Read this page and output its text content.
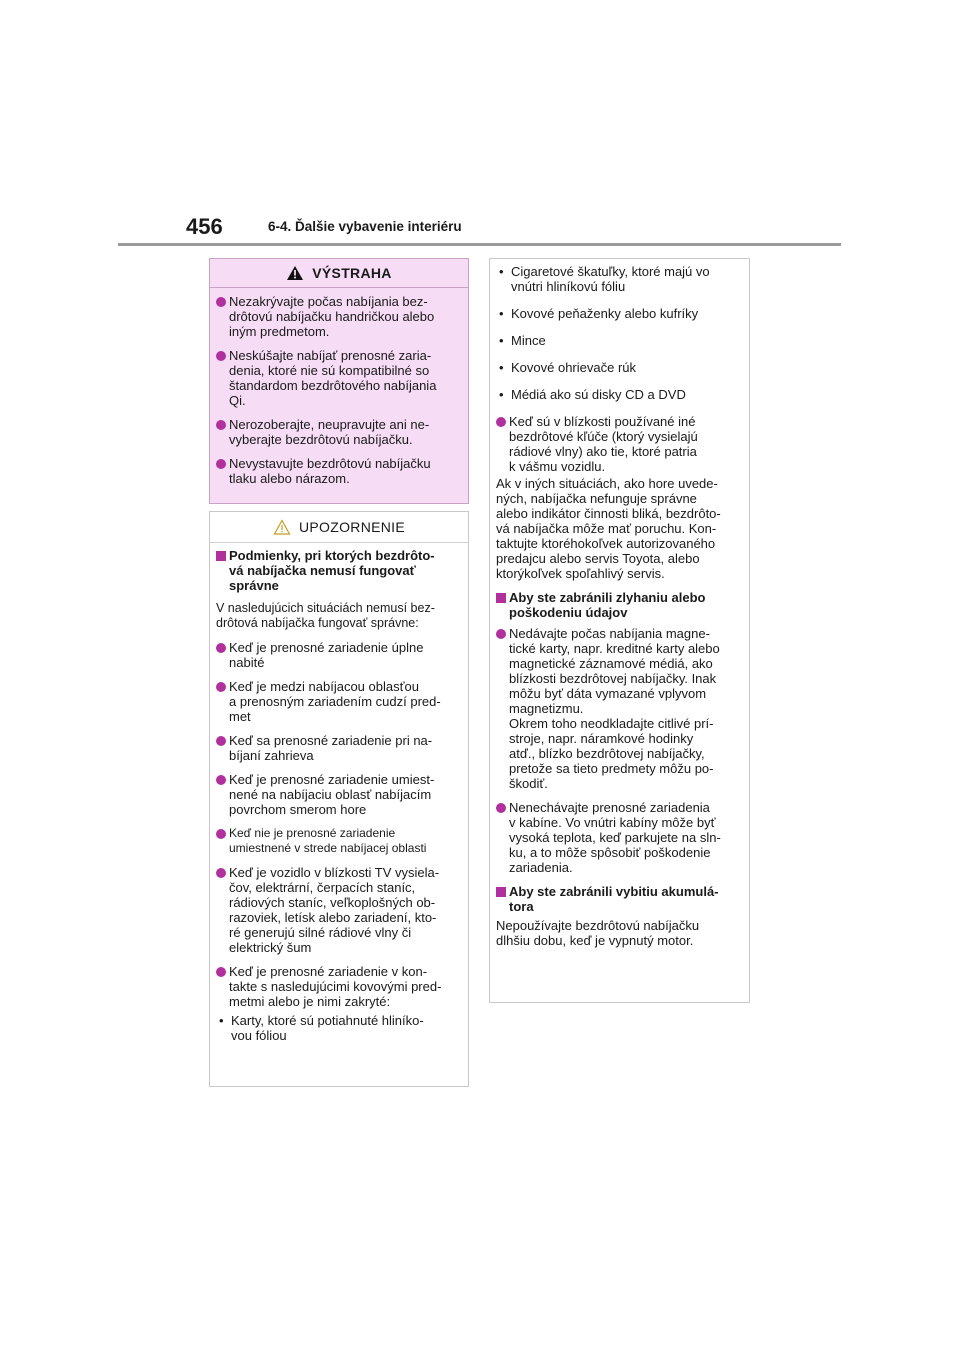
456	6-4. Ďalšie vybavenie interiéru
VÝSTRAHA
Nezakrývajte počas nabíjania bez-
drôtovú nabíjačku handričkou alebo
iným predmetom.
Neskúšajte nabíjať prenosné zaria-
denia, ktoré nie sú kompatibilné so
štandardom bezdrôtového nabíjania
Qi.
Nerozoberajte, neupravujte ani ne-
vyberajte bezdrôtovú nabíjačku.
Nevystavujte bezdrôtovú nabíjačku
tlaku alebo nárazom.
UPOZORNENIE
Podmienky, pri ktorých bezdrôto-
vá nabíjačka nemusí fungovať
správne
V nasledujúcich situáciách nemusí bez-
drôtová nabíjačka fungovať správne:
Keď je prenosné zariadenie úplne
nabité
Keď je medzi nabíjacou oblasťou
a prenosným zariadením cudzí pred-
met
Keď sa prenosné zariadenie pri na-
bíjaní zahrieva
Keď je prenosné zariadenie umiest-
nené na nabíjaciu oblasť nabíjacím
povrchom smerom hore
Keď nie je prenosné zariadenie
umiestnené v strede nabíjacej oblasti
Keď je vozidlo v blízkosti TV vysiela-
čov, elektrární, čerpacích staníc,
rádiových staníc, veľkoplošných ob-
razoviek, letísk alebo zariadení, kto-
ré generujú silné rádiové vlny či
elektrický šum
Keď je prenosné zariadenie v kon-
takte s nasledujúcimi kovovými pred-
metmi alebo je nimi zakryté:
• Karty, ktoré sú potiahnuté hliníko-
vou fóliou
• Cigaretové škatuľky, ktoré majú vo
vnútri hliníkovú fóliu
• Kovové peňaženky alebo kufríky
• Mince
• Kovové ohrievače rúk
• Médiá ako sú disky CD a DVD
Keď sú v blízkosti používané iné
bezdrôtové kľúče (ktorý vysielajú
rádiové vlny) ako tie, ktoré patria
k vášmu vozidlu.
Ak v iných situáciách, ako hore uvede-
ných, nabíjačka nefunguje správne
alebo indikátor činnosti bliká, bezdrôto-
vá nabíjačka môže mať poruchu. Kon-
taktujte ktoréhokoľvek autorizovaného
predajcu alebo servis Toyota, alebo
ktorýkoľvek spoľahlivý servis.
Aby ste zabránili zlyhaniu alebo
poškodeniu údajov
Nedávajte počas nabíjania magne-
tické karty, napr. kreditné karty alebo
magnetické záznamové médiá, ako
blízkosti bezdrôtovej nabíjačky. Inak
môžu byť dáta vymazané vplyvom
magnetizmu.
Okrem toho neodkladajte citlivé prí-
stroje, napr. náramkové hodinky
atď., blízko bezdrôtovej nabíjačky,
pretože sa tieto predmety môžu po-
škodiť.
Nenechávajte prenosné zariadenia
v kabíne. Vo vnútri kabíny môže byť
vysoká teplota, keď parkujete na sln-
ku, a to môže spôsobiť poškodenie
zariadenia.
Aby ste zabránili vybitiu akumulá-
tora
Nepoužívajte bezdrôtovú nabíjačku
dlhšiu dobu, keď je vypnutý motor.
